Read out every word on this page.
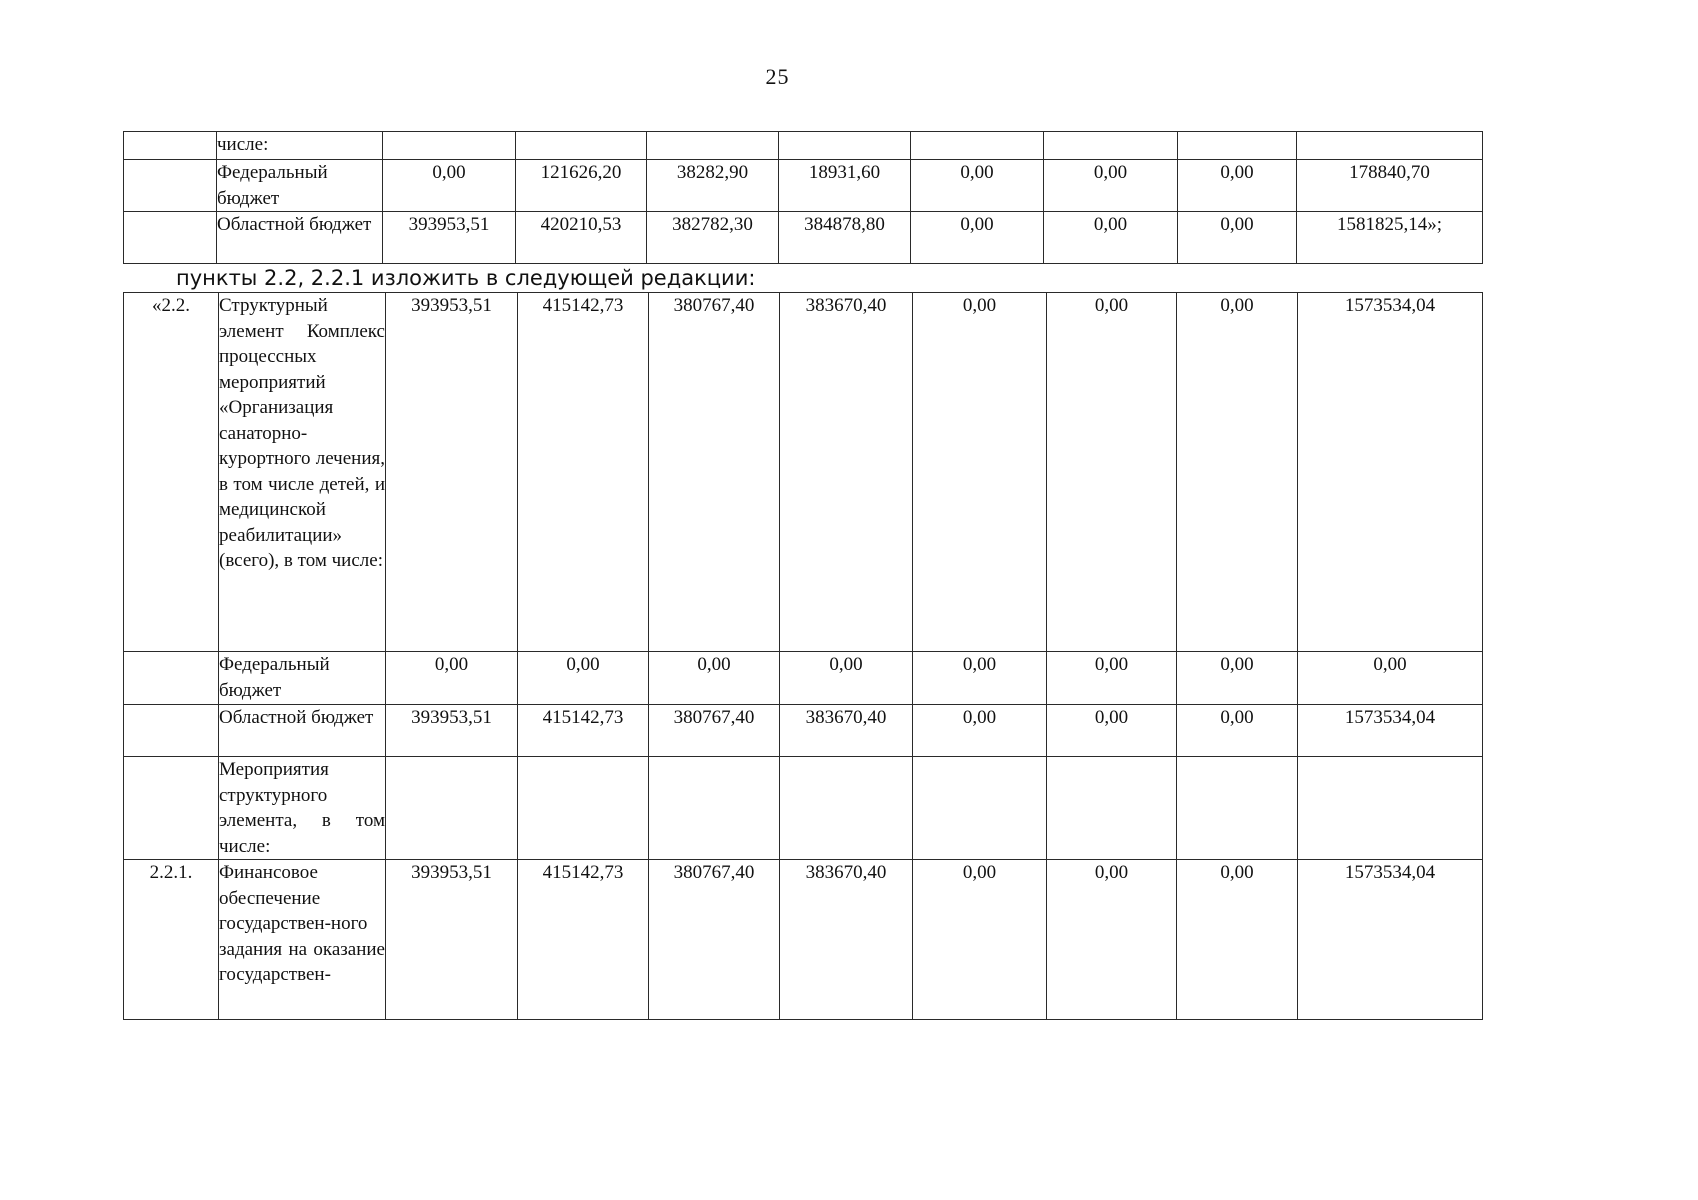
25
	числе:								
	Федеральный бюджет	0,00	121626,20	38282,90	18931,60	0,00	0,00	0,00	178840,70
	Областной бюджет	393953,51	420210,53	382782,30	384878,80	0,00	0,00	0,00	1581825,14»;
пункты 2.2, 2.2.1 изложить в следующей редакции:
«2.2.	Структурный элемент Комплекс процессных мероприятий «Организация санаторно-курортного лечения, в том числе детей, и медицинской реабилитации» (всего), в том числе:	393953,51	415142,73	380767,40	383670,40	0,00	0,00	0,00	1573534,04
	Федеральный бюджет	0,00	0,00	0,00	0,00	0,00	0,00	0,00	0,00
	Областной бюджет	393953,51	415142,73	380767,40	383670,40	0,00	0,00	0,00	1573534,04
	Мероприятия структурного элемента, в том числе:								
2.2.1.	Финансовое обеспечение государствен-ного задания на оказание государствен-	393953,51	415142,73	380767,40	383670,40	0,00	0,00	0,00	1573534,04
